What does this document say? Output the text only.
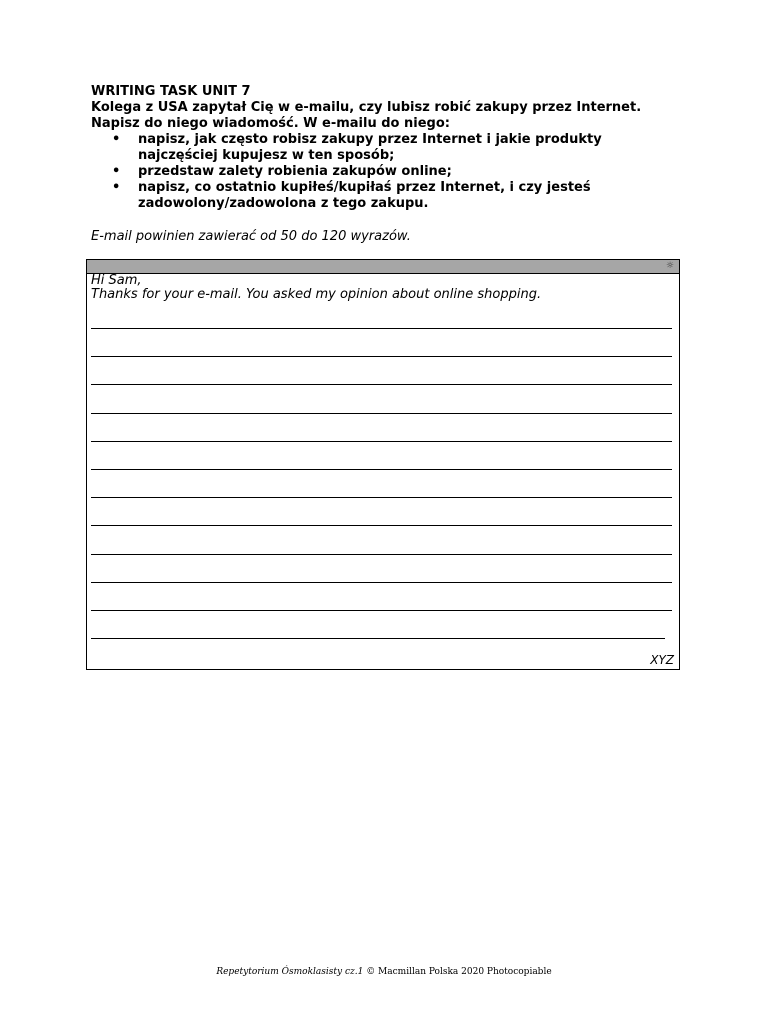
WRITING TASK UNIT 7

Kolega z USA zapytał Cię w e-mailu, czy lubisz robić zakupy przez Internet.

Napisz do niego wiadomość. W e-mailu do niego:

• napisz, jak często robisz zakupy przez Internet i jakie produkty najczęściej kupujesz w ten sposób;
• przedstaw zalety robienia zakupów online;
• napisz, co ostatnio kupiłeś/kupiłaś przez Internet, i czy jesteś zadowolony/zadowolona z tego zakupu.
E-mail powinien zawierać od 50 do 120 wyrazów.
☼
Hi Sam,
Thanks for your e-mail. You asked my opinion about online shopping.
XYZ
Repetytorium Ósmoklasisty cz.1 © Macmillan Polska 2020 Photocopiable
